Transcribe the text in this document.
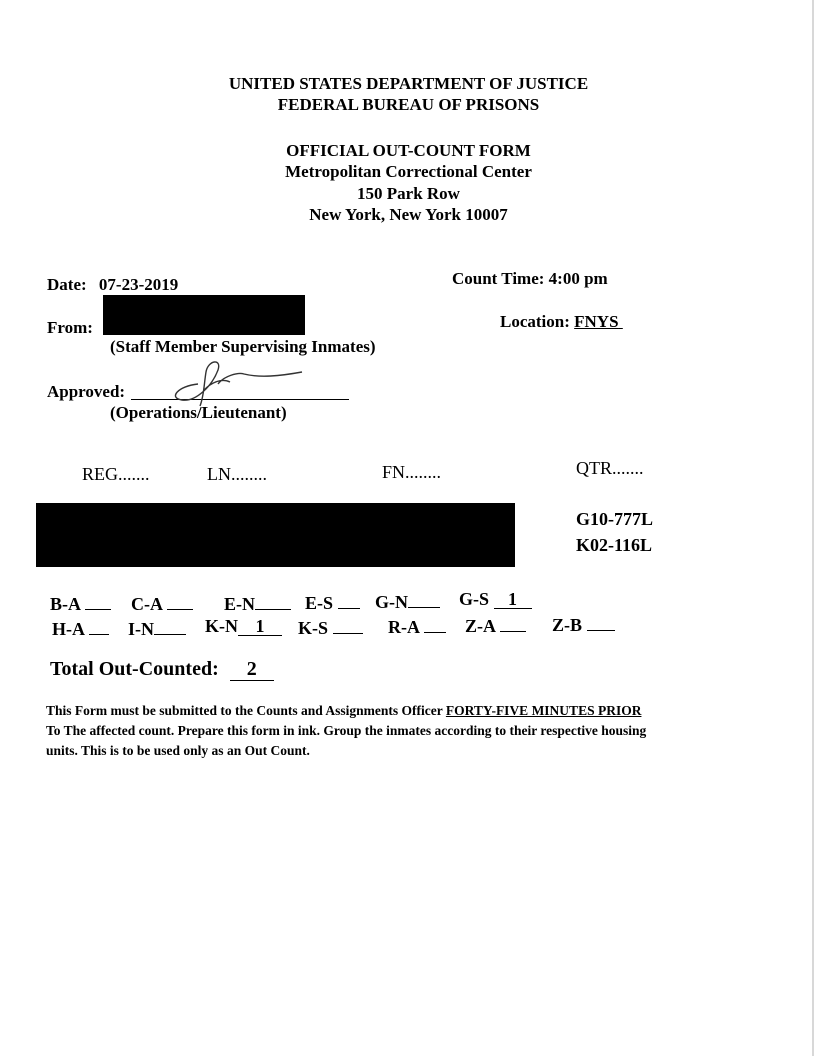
UNITED STATES DEPARTMENT OF JUSTICE
FEDERAL BUREAU OF PRISONS
OFFICIAL OUT-COUNT FORM
Metropolitan Correctional Center
150 Park Row
New York, New York 10007
Date: 07-23-2019	Count Time: 4:00 pm
From:
(Staff Member Supervising Inmates)
Location: FNYS
Approved:
(Operations/Lieutenant)
REG.......	LN........	FN........	QTR.......
G10-777L
K02-116L
B-A	C-A	E-N	E-S	G-N	G-S 1
H-A	I-N	K-N 1	K-S	R-A	Z-A	Z-B
Total Out-Counted: 2
This Form must be submitted to the Counts and Assignments Officer FORTY-FIVE MINUTES PRIOR
To The affected count. Prepare this form in ink. Group the inmates according to their respective housing
units. This is to be used only as an Out Count.
